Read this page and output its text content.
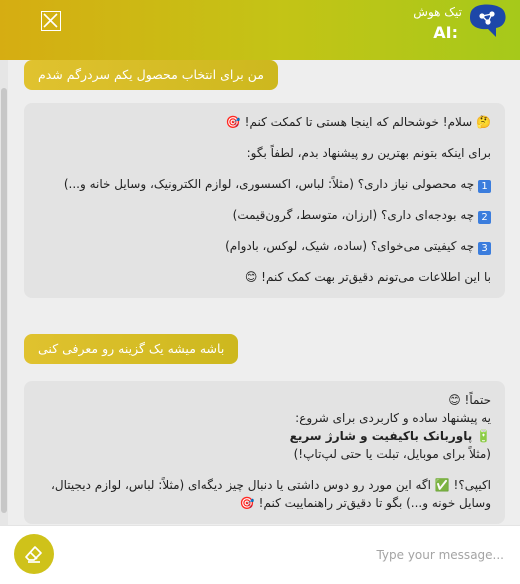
تیک هوش
AI:
من برای انتخاب محصول یکم سردرگم شدم

🤔 سلام! خوشحالم که اینجا هستی تا کمکت کنم! 🎯

برای اینکه بتونم بهترین رو پیشنهاد بدم، لطفاً بگو:

1 چه محصولی نیاز داری؟ (مثلاً: لباس، اکسسوری، لوازم الکترونیک، وسایل خانه و...)

2 چه بودجه‌ای داری؟ (ارزان، متوسط، گرون‌قیمت)

3 چه کیفیتی می‌خوای؟ (ساده، شیک، لوکس، بادوام)

با این اطلاعات می‌تونم دقیق‌تر بهت کمک کنم! 😊

باشه میشه یک گزینه رو معرفی کنی

حتماً! 😊

یه پیشنهاد ساده و کاربردی برای شروع:

🔋 پاوربانک باکیفیت و شارژ سریع

(مثلاً برای موبایل، تبلت یا حتی لپ‌تاپ!)

اکیپی؟! ✅ اگه این مورد رو دوس داشتی یا دنبال چیز دیگه‌ای (مثلاً: لباس، لوازم دیجیتال، وسایل خونه و...) بگو تا دقیق‌تر راهنماییت کنم! 🎯

...Type your message
